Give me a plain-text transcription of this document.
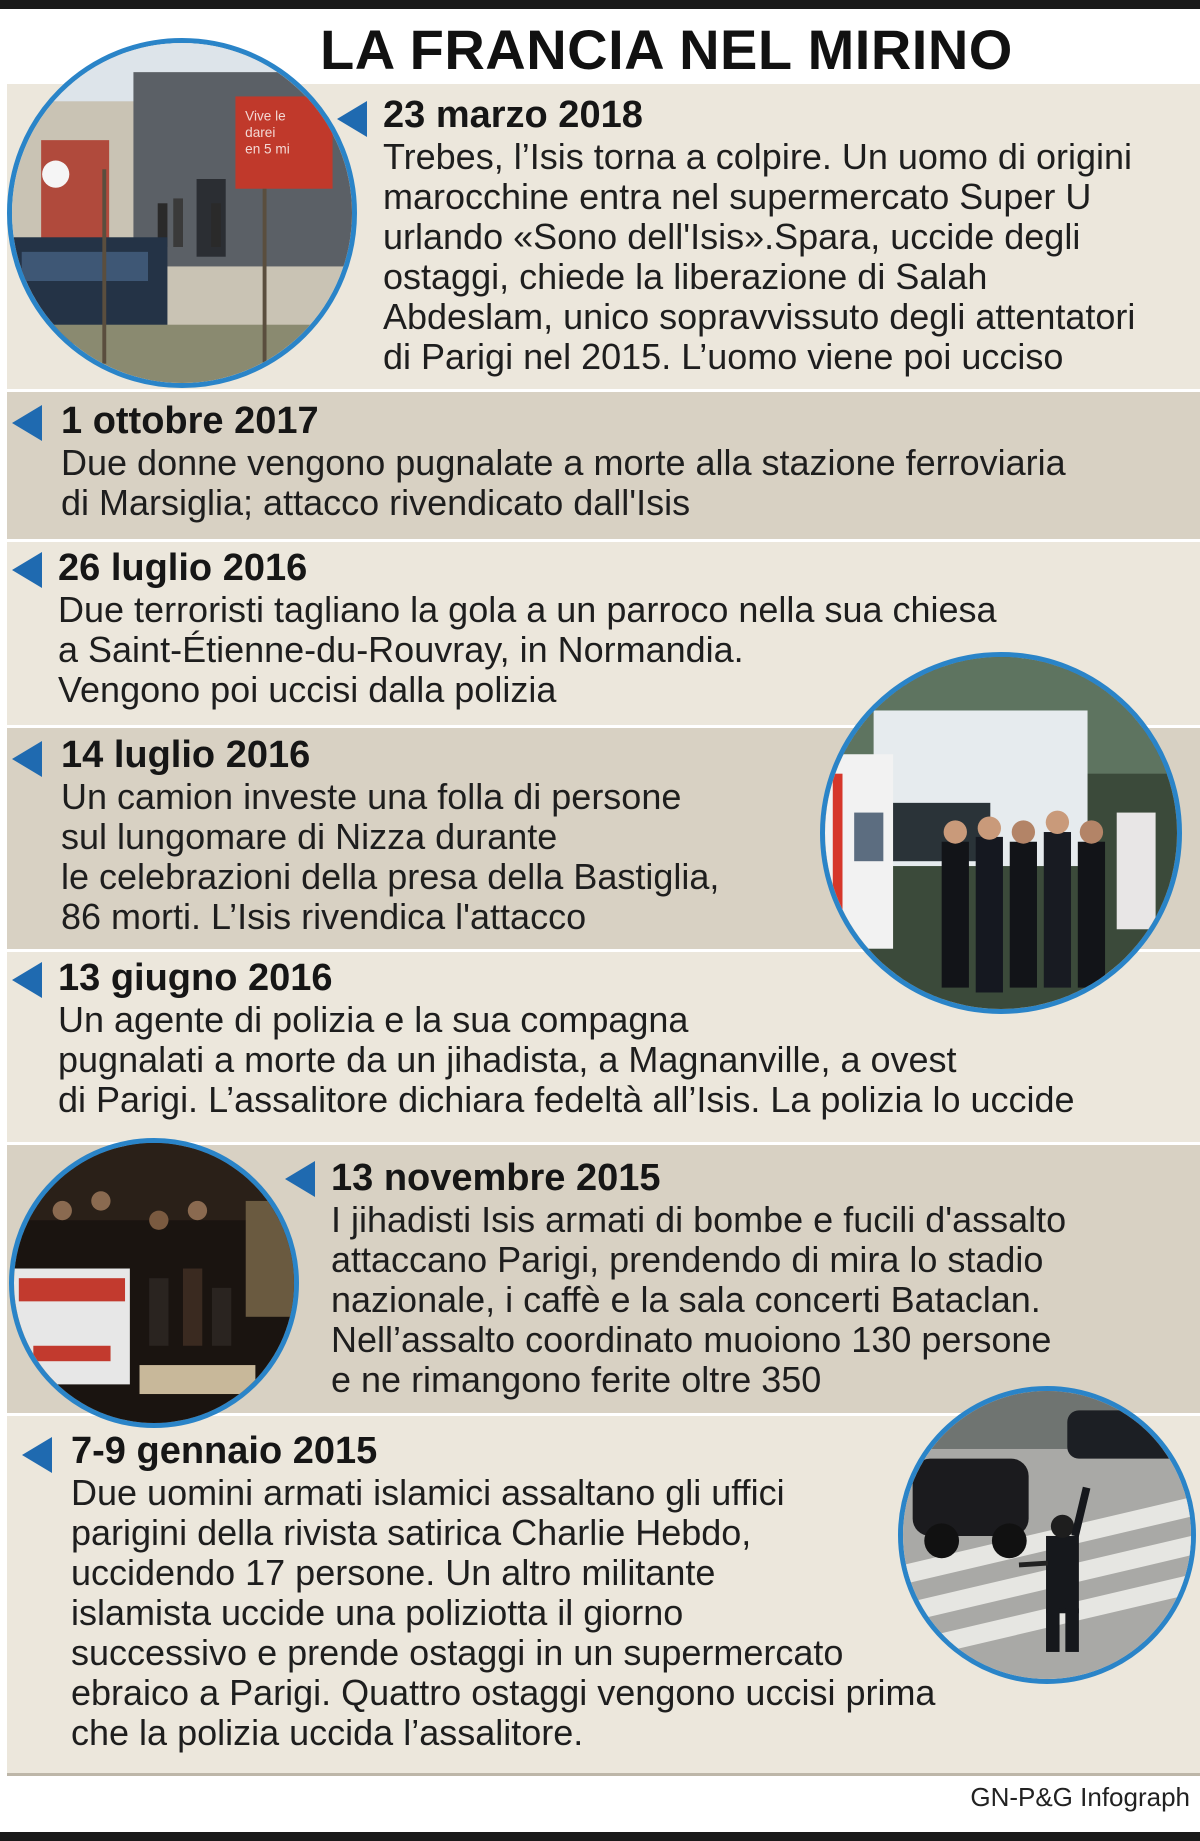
LA FRANCIA NEL MIRINO
Vive le darei en 5 mi
23 marzo 2018
Trebes, l’Isis torna a colpire. Un uomo di origini
marocchine entra nel supermercato Super U
urlando «Sono dell'Isis».Spara, uccide degli
ostaggi, chiede la liberazione di Salah
Abdeslam, unico sopravvissuto degli attentatori
di Parigi nel 2015. L’uomo viene poi ucciso
1 ottobre 2017
Due donne vengono pugnalate a morte alla stazione ferroviaria
di Marsiglia; attacco rivendicato dall'Isis
26 luglio 2016
Due terroristi tagliano la gola a un parroco nella sua chiesa
a Saint-Étienne-du-Rouvray, in Normandia.
Vengono poi uccisi dalla polizia
14 luglio 2016
Un camion investe una folla di persone
sul lungomare di Nizza durante
le celebrazioni della presa della Bastiglia,
86 morti. L’Isis rivendica l'attacco
13 giugno 2016
Un agente di polizia e la sua compagna
pugnalati a morte da un jihadista, a Magnanville, a ovest
di Parigi. L’assalitore dichiara fedeltà all’Isis. La polizia lo uccide
13 novembre 2015
I jihadisti Isis armati di bombe e fucili d'assalto
attaccano Parigi, prendendo di mira lo stadio
nazionale, i caffè e la sala concerti Bataclan.
Nell’assalto coordinato muoiono 130 persone
e ne rimangono ferite oltre 350
7-9 gennaio 2015
Due uomini armati islamici assaltano gli uffici
parigini della rivista satirica Charlie Hebdo,
uccidendo 17 persone. Un altro militante
islamista uccide una poliziotta il giorno
successivo e prende ostaggi in un supermercato
ebraico a Parigi. Quattro ostaggi vengono uccisi prima
che la polizia uccida l’assalitore.
GN-P&G Infograph
